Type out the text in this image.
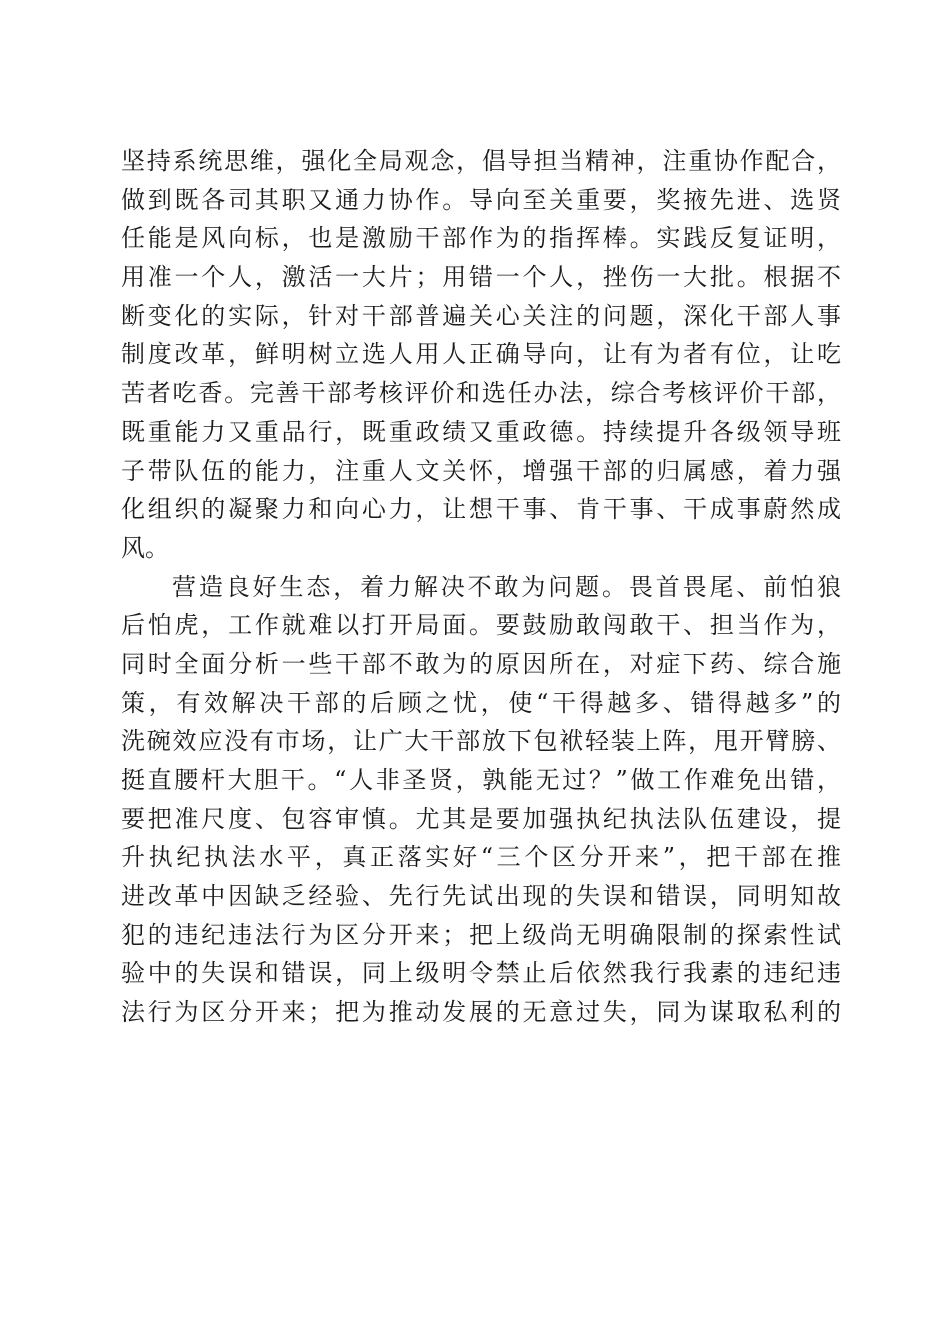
坚持系统思维，强化全局观念，倡导担当精神，注重协作配合，
做到既各司其职又通力协作。导向至关重要，奖掖先进、选贤
任能是风向标，也是激励干部作为的指挥棒。实践反复证明，
用准一个人，激活一大片；用错一个人，挫伤一大批。根据不
断变化的实际，针对干部普遍关心关注的问题，深化干部人事
制度改革，鲜明树立选人用人正确导向，让有为者有位，让吃
苦者吃香。完善干部考核评价和选任办法，综合考核评价干部，
既重能力又重品行，既重政绩又重政德。持续提升各级领导班
子带队伍的能力，注重人文关怀，增强干部的归属感，着力强
化组织的凝聚力和向心力，让想干事、肯干事、干成事蔚然成
风。
营造良好生态，着力解决不敢为问题。畏首畏尾、前怕狼
后怕虎，工作就难以打开局面。要鼓励敢闯敢干、担当作为，
同时全面分析一些干部不敢为的原因所在，对症下药、综合施
策，有效解决干部的后顾之忧，使“干得越多、错得越多”的
洗碗效应没有市场，让广大干部放下包袱轻装上阵，甩开臂膀、
挺直腰杆大胆干。“人非圣贤，孰能无过？”做工作难免出错，
要把准尺度、包容审慎。尤其是要加强执纪执法队伍建设，提
升执纪执法水平，真正落实好“三个区分开来”，把干部在推
进改革中因缺乏经验、先行先试出现的失误和错误，同明知故
犯的违纪违法行为区分开来；把上级尚无明确限制的探索性试
验中的失误和错误，同上级明令禁止后依然我行我素的违纪违
法行为区分开来；把为推动发展的无意过失，同为谋取私利的
